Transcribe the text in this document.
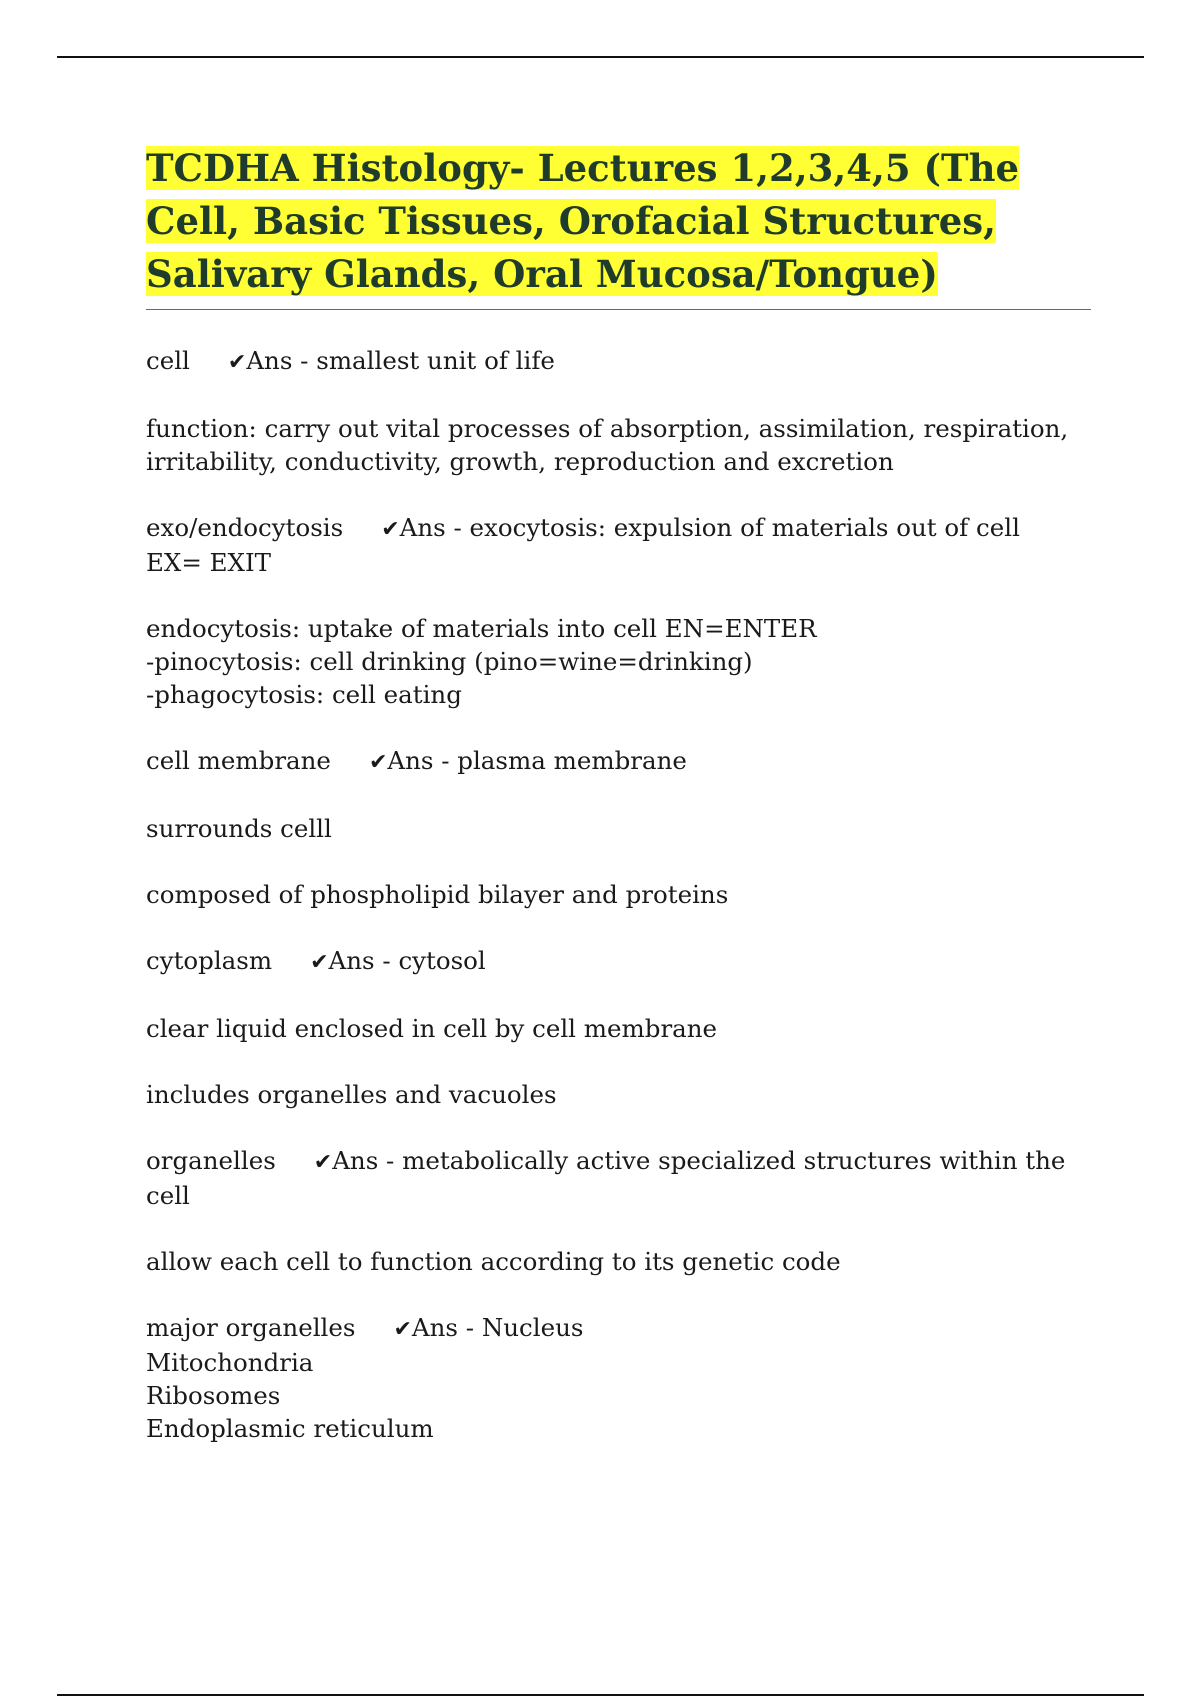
TCDHA Histology- Lectures 1,2,3,4,5 (The Cell, Basic Tissues, Orofacial Structures, Salivary Glands, Oral Mucosa/Tongue)

cell ✔Ans - smallest unit of life

function: carry out vital processes of absorption, assimilation, respiration, irritability, conductivity, growth, reproduction and excretion

exo/endocytosis ✔Ans - exocytosis: expulsion of materials out of cell
EX= EXIT

endocytosis: uptake of materials into cell EN=ENTER
-pinocytosis: cell drinking (pino=wine=drinking)
-phagocytosis: cell eating

cell membrane ✔Ans - plasma membrane

surrounds celll

composed of phospholipid bilayer and proteins

cytoplasm ✔Ans - cytosol

clear liquid enclosed in cell by cell membrane

includes organelles and vacuoles

organelles ✔Ans - metabolically active specialized structures within the cell

allow each cell to function according to its genetic code

major organelles ✔Ans - Nucleus
Mitochondria
Ribosomes
Endoplasmic reticulum
